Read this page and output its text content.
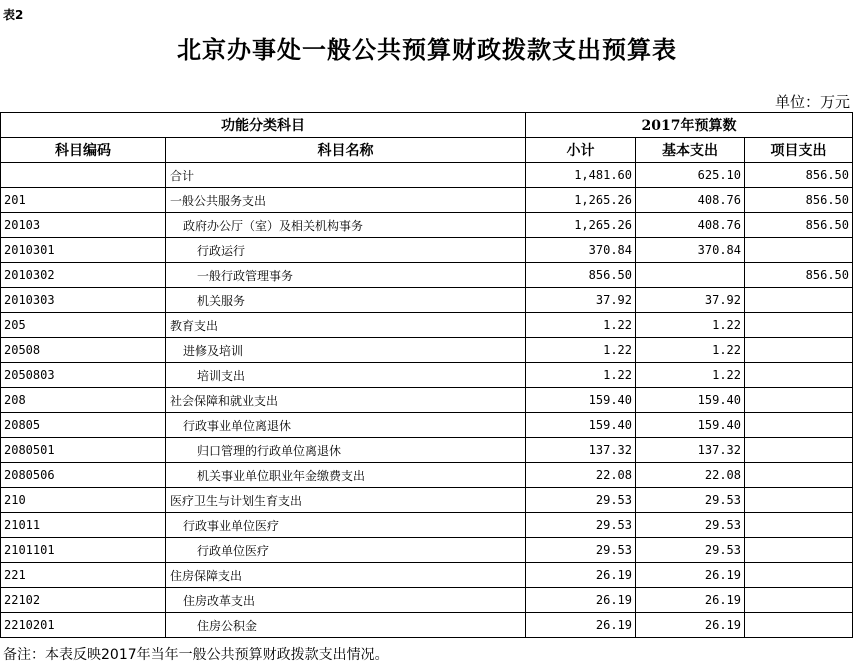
表2
北京办事处一般公共预算财政拨款支出预算表
单位：万元
功能分类科目		2017年预算数		
科目编码	科目名称	小计	基本支出	项目支出
	合计	1,481.60	625.10	856.50
201	一般公共服务支出	1,265.26	408.76	856.50
20103	政府办公厅（室）及相关机构事务	1,265.26	408.76	856.50
2010301	行政运行	370.84	370.84	
2010302	一般行政管理事务	856.50		856.50
2010303	机关服务	37.92	37.92	
205	教育支出	1.22	1.22	
20508	进修及培训	1.22	1.22	
2050803	培训支出	1.22	1.22	
208	社会保障和就业支出	159.40	159.40	
20805	行政事业单位离退休	159.40	159.40	
2080501	归口管理的行政单位离退休	137.32	137.32	
2080506	机关事业单位职业年金缴费支出	22.08	22.08	
210	医疗卫生与计划生育支出	29.53	29.53	
21011	行政事业单位医疗	29.53	29.53	
2101101	行政单位医疗	29.53	29.53	
221	住房保障支出	26.19	26.19	
22102	住房改革支出	26.19	26.19	
2210201	住房公积金	26.19	26.19	
备注：本表反映2017年当年一般公共预算财政拨款支出情况。
